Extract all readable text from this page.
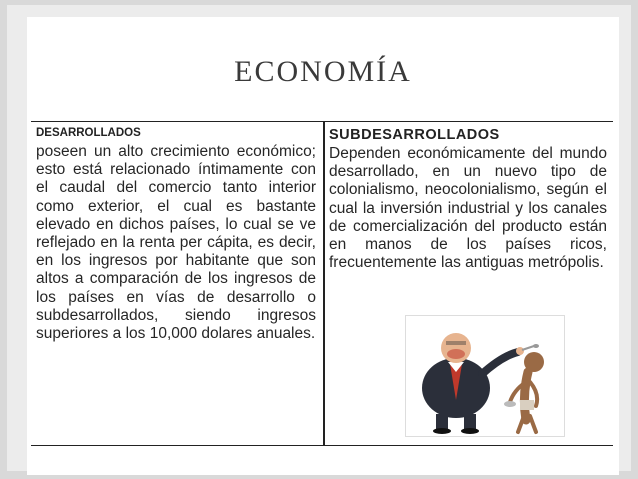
ECONOMÍA
DESARROLLADOS

poseen un alto crecimiento económico; esto está relacionado íntimamente con el caudal del comercio tanto interior como exterior, el cual es bastante elevado en dichos países, lo cual se ve reflejado en la renta per cápita, es decir, en los ingresos por habitante que son altos a comparación de los ingresos de los países en vías de desarrollo o subdesarrollados, siendo ingresos superiores a los 10,000 dolares anuales.

SUBDESARROLLADOS

Dependen económicamente del mundo desarrollado, en un nuevo tipo de colonialismo, neocolonialismo, según el cual la inversión industrial y los canales de comercialización del producto están en manos de los países ricos, frecuentemente las antiguas metrópolis.
